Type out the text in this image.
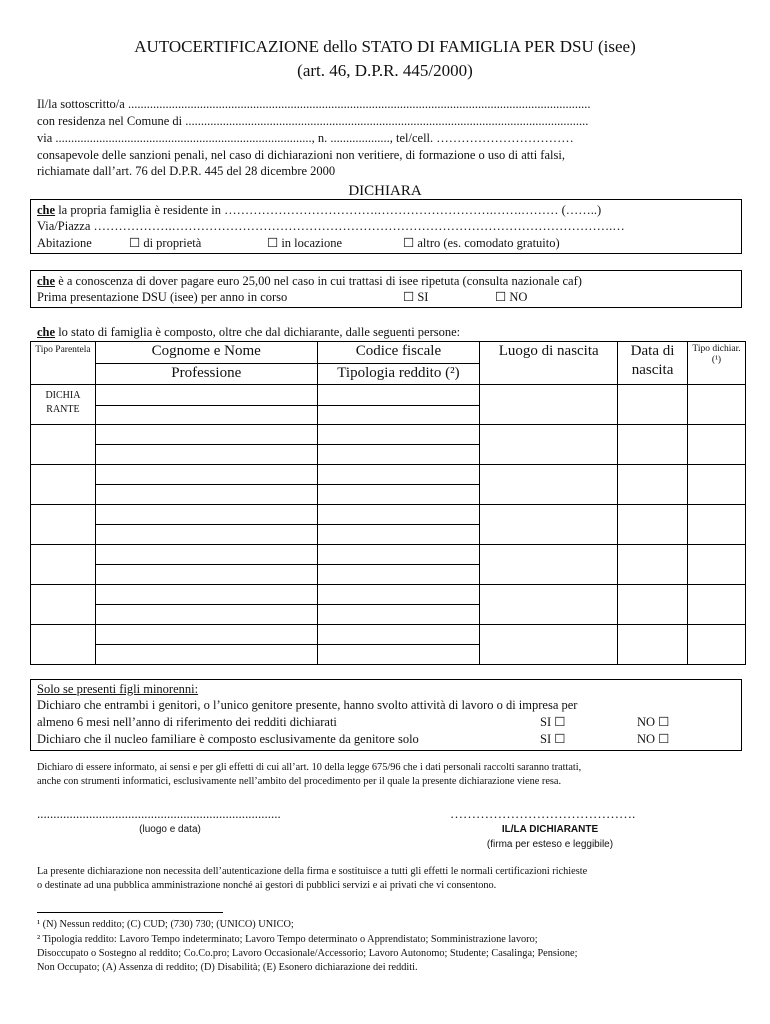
AUTOCERTIFICAZIONE dello STATO DI FAMIGLIA PER DSU (isee)
(art. 46, D.P.R. 445/2000)
Il/la sottoscritto/a ....................................................................................................................................................
con residenza nel Comune di .................................................................................................................................
via .................................................................................., n. ..................., tel/cell. ……………………………
consapevole delle sanzioni penali, nel caso di dichiarazioni non veritiere, di formazione o uso di atti falsi,
richiamate dall’art. 76 del D.P.R. 445 del 28 dicembre 2000
DICHIARA
che la propria famiglia è residente in ……………………………….……………………….…….……… (……..)
Via/Piazza ……………….…………………………………………………………………………………………….…
Abitazione	☐ di proprietà	☐ in locazione	☐ altro (es. comodato gratuito)
che è a conoscenza di dover pagare euro 25,00 nel caso in cui trattasi di isee ripetuta (consulta nazionale caf)
Prima presentazione DSU (isee) per anno in corso	☐ SI	☐ NO
che lo stato di famiglia è composto, oltre che dal dichiarante, dalle seguenti persone:
Tipo Parentela	Cognome e Nome	Codice fiscale	Luogo di nascita	Data di nascita	Tipo dichiar. (¹)
	Professione	Tipologia reddito (²)			
DICHIA RANTE					

Solo se presenti figli minorenni:
Dichiaro che entrambi i genitori, o l’unico genitore presente, hanno svolto attività di lavoro o di impresa per
almeno 6 mesi nell’anno di riferimento dei redditi dichiarati	SI ☐	NO ☐
Dichiaro che il nucleo familiare è composto esclusivamente da genitore solo	SI ☐	NO ☐
Dichiaro di essere informato, ai sensi e per gli effetti di cui all’art. 10 della legge 675/96 che i dati personali raccolti saranno trattati,
anche con strumenti informatici, esclusivamente nell’ambito del procedimento per il quale la presente dichiarazione viene resa.
...........................................................................	…………………………………….
(luogo e data)	IL/LA DICHIARANTE
(firma per esteso e leggibile)
La presente dichiarazione non necessita dell’autenticazione della firma e sostituisce a tutti gli effetti le normali certificazioni richieste
o destinate ad una pubblica amministrazione nonché ai gestori di pubblici servizi e ai privati che vi consentono.
¹ (N) Nessun reddito; (C) CUD; (730) 730; (UNICO) UNICO;
² Tipologia reddito: Lavoro Tempo indeterminato; Lavoro Tempo determinato o Apprendistato; Somministrazione lavoro;
Disoccupato o Sostegno al reddito; Co.Co.pro; Lavoro Occasionale/Accessorio; Lavoro Autonomo; Studente; Casalinga; Pensione;
Non Occupato; (A) Assenza di reddito; (D) Disabilità; (E) Esonero dichiarazione dei redditi.
